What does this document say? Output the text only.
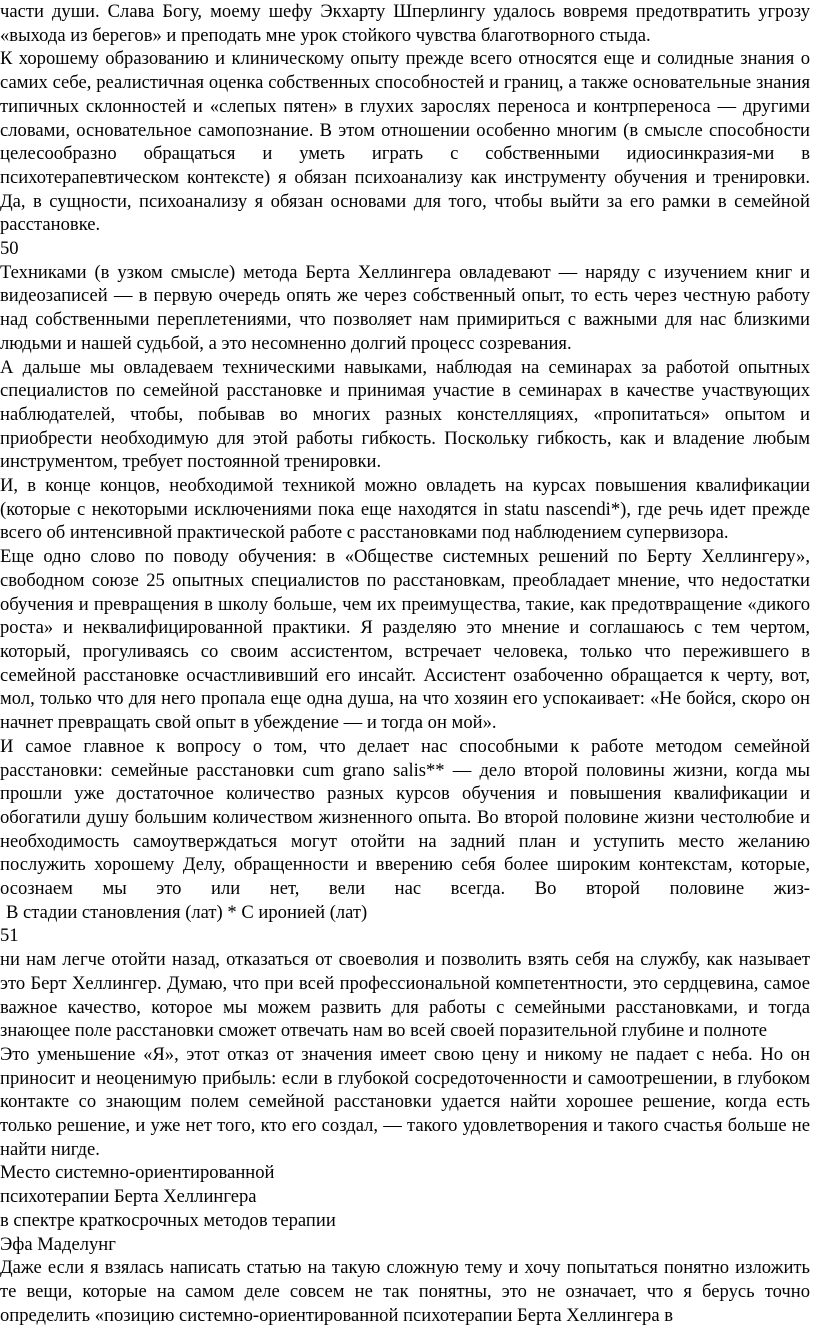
части души. Слава Богу, моему шефу Экхарту Шперлингу удалось вовремя предотвратить угрозу «выхода из берегов» и преподать мне урок стойкого чувства благотворного стыда.

К хорошему образованию и клиническому опыту прежде всего относятся еще и солидные знания о самих себе, реалистичная оценка собственных способностей и границ, а также основательные знания типичных склонностей и «слепых пятен» в глухих зарослях переноса и контрпереноса — другими словами, основательное самопознание. В этом отношении особенно многим (в смысле способности целесообразно обращаться и уметь играть с собственными идиосинкразия-ми в психотерапевтическом контексте) я обязан психоанализу как инструменту обучения и тренировки. Да, в сущности, психоанализу я обязан основами для того, чтобы выйти за его рамки в семейной расстановке.

50

Техниками (в узком смысле) метода Берта Хеллингера овладевают — наряду с изучением книг и видеозаписей — в первую очередь опять же через собственный опыт, то есть через честную работу над собственными переплетениями, что позволяет нам примириться с важными для нас близкими людьми и нашей судьбой, а это несомненно долгий процесс созревания.

А дальше мы овладеваем техническими навыками, наблюдая на семинарах за работой опытных специалистов по семейной расстановке и принимая участие в семинарах в качестве участвующих наблюдателей, чтобы, побывав во многих разных констелляциях, «пропитаться» опытом и приобрести необходимую для этой работы гибкость. Поскольку гибкость, как и владение любым инструментом, требует постоянной тренировки.

И, в конце концов, необходимой техникой можно овладеть на курсах повышения квалификации (которые с некоторыми исключениями пока еще находятся in statu nascendi*), где речь идет прежде всего об интенсивной практической работе с расстановками под наблюдением супервизора.

Еще одно слово по поводу обучения: в «Обществе системных решений по Берту Хеллингеру», свободном союзе 25 опытных специалистов по расстановкам, преобладает мнение, что недостатки обучения и превращения в школу больше, чем их преимущества, такие, как предотвращение «дикого роста» и неквалифицированной практики. Я разделяю это мнение и соглашаюсь с тем чертом, который, прогуливаясь со своим ассистентом, встречает человека, только что пережившего в семейной расстановке осчастлививший его инсайт. Ассистент озабоченно обращается к черту, вот, мол, только что для него пропала еще одна душа, на что хозяин его успокаивает: «Не бойся, скоро он начнет превращать свой опыт в убеждение — и тогда он мой».

И самое главное к вопросу о том, что делает нас способными к работе методом семейной расстановки: семейные расстановки cum grano salis** — дело второй половины жизни, когда мы прошли уже достаточное количество разных курсов обучения и повышения квалификации и обогатили душу большим количеством жизненного опыта. Во второй половине жизни честолюбие и необходимость самоутверждаться могут отойти на задний план и уступить место желанию послужить хорошему Делу, обращенности и вверению себя более широким контекстам, которые, осознаем мы это или нет, вели нас всегда. Во второй половине жиз-

В стадии становления (лат) * С иронией (лат)

51

ни нам легче отойти назад, отказаться от своеволия и позволить взять себя на службу, как называет это Берт Хеллингер. Думаю, что при всей профессиональной компетентности, это сердцевина, самое важное качество, которое мы можем развить для работы с семейными расстановками, и тогда знающее поле расстановки сможет отвечать нам во всей своей поразительной глубине и полноте

Это уменьшение «Я», этот отказ от значения имеет свою цену и никому не падает с неба. Но он приносит и неоценимую прибыль: если в глубокой сосредоточенности и самоотрешении, в глубоком контакте со знающим полем семейной расстановки удается найти хорошее решение, когда есть только решение, и уже нет того, кто его создал, — такого удовлетворения и такого счастья больше не найти нигде.

Место системно-ориентированной

психотерапии Берта Хеллингера

в спектре краткосрочных методов терапии

Эфа Маделунг

Даже если я взялась написать статью на такую сложную тему и хочу попытаться понятно изложить те вещи, которые на самом деле совсем не так понятны, это не означает, что я берусь точно определить «позицию системно-ориентированной психотерапии Берта Хеллингера в
